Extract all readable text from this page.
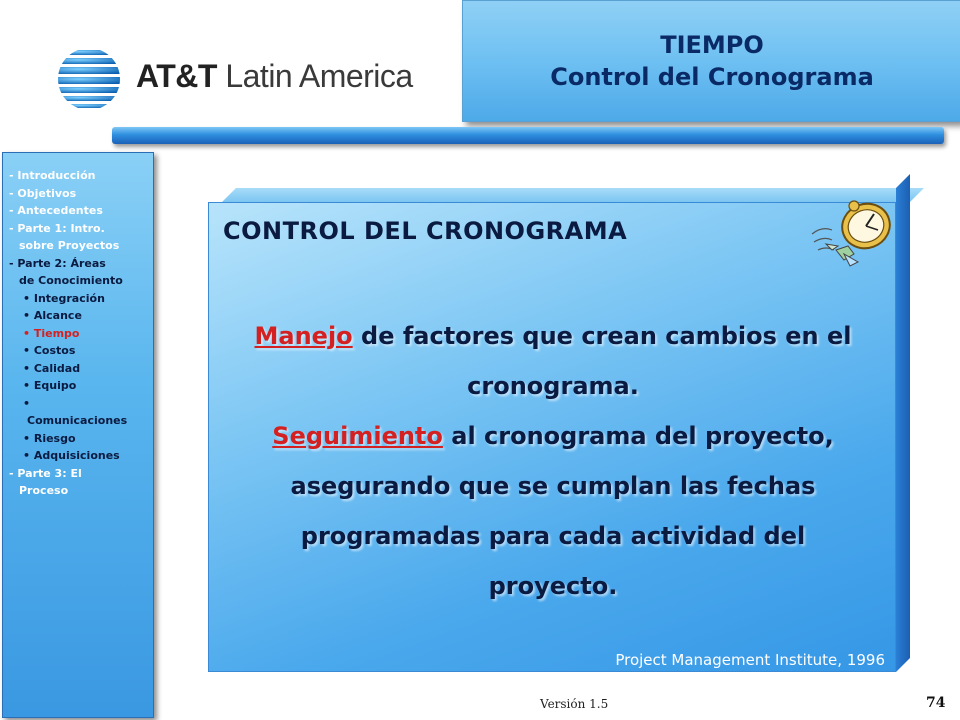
AT&T Latin America
TIEMPO
Control del Cronograma
- Introducción
- Objetivos
- Antecedentes
- Parte 1: Intro.
sobre Proyectos
- Parte 2: Áreas
de Conocimiento
• Integración
• Alcance
• Tiempo
• Costos
• Calidad
• Equipo
•
Comunicaciones
• Riesgo
• Adquisiciones
- Parte 3: El
Proceso
CONTROL DEL CRONOGRAMA
Manejo de factores que crean cambios en el
cronograma.
Seguimiento al cronograma del proyecto,
asegurando que se cumplan las fechas
programadas para cada actividad del
proyecto.
Project Management Institute, 1996
Versión 1.5	74
